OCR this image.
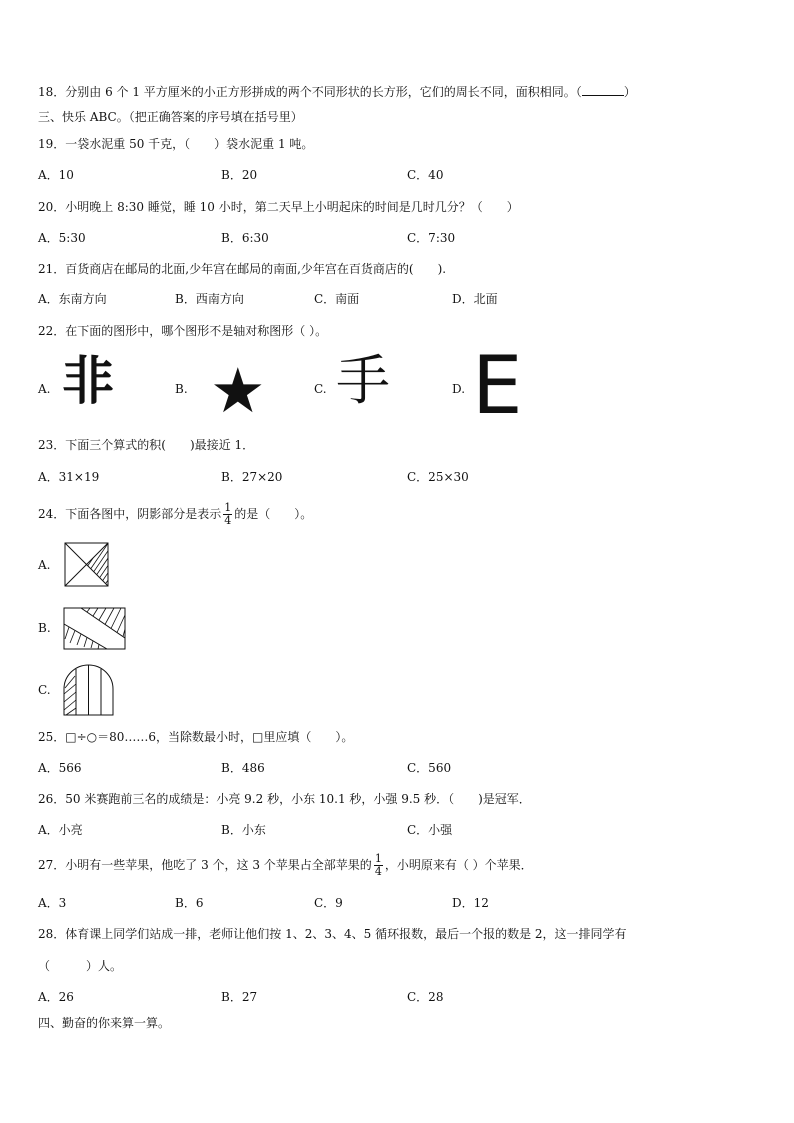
18．分别由 6 个 1 平方厘米的小正方形拼成的两个不同形状的长方形，它们的周长不同，面积相同。（	）
三、快乐 ABC。（把正确答案的序号填在括号里）
19．一袋水泥重 50 千克，（　　）袋水泥重 1 吨。
A．10	B．20	C．40
20．小明晚上 8:30 睡觉，睡 10 小时，第二天早上小明起床的时间是几时几分？（　　）
A．5:30	B．6:30	C．7:30
21．百货商店在邮局的北面,少年宫在邮局的南面,少年宫在百货商店的(　　).
A．东南方向	B．西南方向	C．南面	D．北面
22．在下面的图形中，哪个图形不是轴对称图形（ ）。
A. 非	B. ★	C. 手	D. E
23．下面三个算式的积(　　)最接近 1．
A．31×19	B．27×20	C．25×30
24．下面各图中，阴影部分是表示 $\frac{1}{4}$ 的是（　　）。
A.
B.
C.
25．□÷○＝80……6，当除数最小时，□里应填（　　）。
A．566	B．486	C．560
26．50 米赛跑前三名的成绩是：小亮 9.2 秒，小东 10.1 秒，小强 9.5 秒．（　　)是冠军．
A．小亮	B．小东	C．小强
27．小明有一些苹果，他吃了 3 个，这 3 个苹果占全部苹果的 $\frac{1}{4}$ ，小明原来有（ ）个苹果．
A．3	B．6	C．9	D．12
28．体育课上同学们站成一排，老师让他们按 1、2、3、4、5 循环报数，最后一个报的数是 2，这一排同学有
（　　　）人。
A．26	B．27	C．28
四、勤奋的你来算一算。
